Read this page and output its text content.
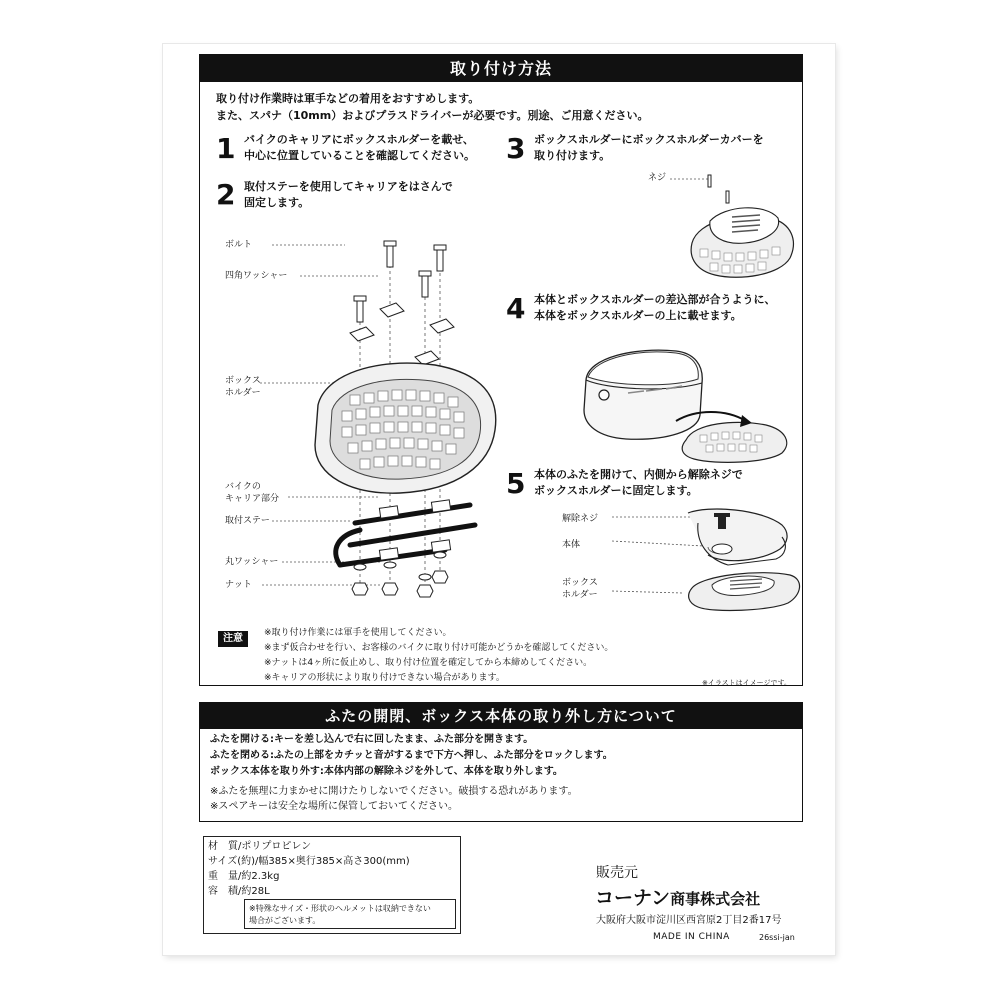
取り付け方法
取り付け作業時は軍手などの着用をおすすめします。
また、スパナ（10mm）およびプラスドライバーが必要です。別途、ご用意ください。
1 バイクのキャリアにボックスホルダーを載せ、
中心に位置していることを確認してください。
2 取付ステーを使用してキャリアをはさんで
固定します。
3 ボックスホルダーにボックスホルダーカバーを
取り付けます。
4 本体とボックスホルダーの差込部が合うように、
本体をボックスホルダーの上に載せます。
5 本体のふたを開けて、内側から解除ネジで
ボックスホルダーに固定します。
ボルト
四角ワッシャー
ボックス
ホルダー
バイクの
キャリア部分
取付ステー
丸ワッシャー
ナット
ネジ
解除ネジ
本体
ボックス
ホルダー
注意	※取り付け作業には軍手を使用してください。
※まず仮合わせを行い、お客様のバイクに取り付け可能かどうかを確認してください。
※ナットは4ヶ所に仮止めし、取り付け位置を確定してから本締めしてください。
※キャリアの形状により取り付けできない場合があります。	※イラストはイメージです。
ふたの開閉、ボックス本体の取り外し方について
ふたを開ける:キーを差し込んで右に回したまま、ふた部分を開きます。
ふたを閉める:ふたの上部をカチッと音がするまで下方へ押し、ふた部分をロックします。
ボックス本体を取り外す:本体内部の解除ネジを外して、本体を取り外します。
※ふたを無理に力まかせに開けたりしないでください。破損する恐れがあります。
※スペアキーは安全な場所に保管しておいてください。
材　質/ポリプロピレン
サイズ(約)/幅385×奥行385×高さ300(mm)
重　量/約2.3kg
容　積/約28L
※特殊なサイズ・形状のヘルメットは収納できない
場合がございます。
販売元
コーナン商事株式会社
大阪府大阪市淀川区西宮原2丁目2番17号
MADE IN CHINA	26ssi-jan
